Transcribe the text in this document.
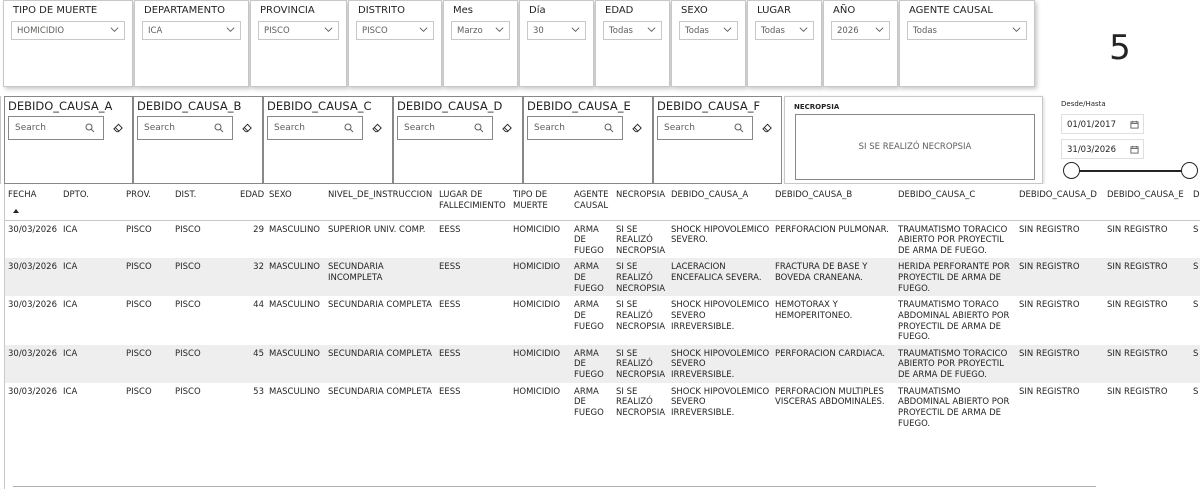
TIPO DE MUERTE
HOMICIDIO
DEPARTAMENTO
ICA
PROVINCIA
PISCO
DISTRITO
PISCO
Mes
Marzo
Día
30
EDAD
Todas
SEXO
Todas
LUGAR
Todas
AÑO
2026
AGENTE CAUSAL
Todas	5
DEBIDO_CAUSA_A
Search
DEBIDO_CAUSA_B
Search
DEBIDO_CAUSA_C
Search
DEBIDO_CAUSA_D
Search
DEBIDO_CAUSA_E
Search
DEBIDO_CAUSA_F
Search
NECROPSIA
SI SE REALIZÓ NECROPSIA
Desde/Hasta
01/01/2017
31/03/2026
FECHA	DPTO.	PROV.	DIST.	EDAD	SEXO	NIVEL_DE_INSTRUCCION	LUGAR DE FALLECIMIENTO	TIPO DE MUERTE	AGENTE CAUSAL	NECROPSIA	DEBIDO_CAUSA_A	DEBIDO_CAUSA_B	DEBIDO_CAUSA_C	DEBIDO_CAUSA_D	DEBIDO_CAUSA_E	D
30/03/2026	ICA	PISCO	PISCO	29	MASCULINO	SUPERIOR UNIV. COMP.	EESS	HOMICIDIO	ARMA DE FUEGO	SI SE REALIZÓ NECROPSIA	SHOCK HIPOVOLEMICO SEVERO.	PERFORACION PULMONAR.	TRAUMATISMO TORACICO ABIERTO POR PROYECTIL DE ARMA DE FUEGO.	SIN REGISTRO	SIN REGISTRO	S
30/03/2026	ICA	PISCO	PISCO	32	MASCULINO	SECUNDARIA INCOMPLETA	EESS	HOMICIDIO	ARMA DE FUEGO	SI SE REALIZÓ NECROPSIA	LACERACION ENCEFALICA SEVERA.	FRACTURA DE BASE Y BOVEDA CRANEANA.	HERIDA PERFORANTE POR PROYECTIL DE ARMA DE FUEGO.	SIN REGISTRO	SIN REGISTRO	S
30/03/2026	ICA	PISCO	PISCO	44	MASCULINO	SECUNDARIA COMPLETA	EESS	HOMICIDIO	ARMA DE FUEGO	SI SE REALIZÓ NECROPSIA	SHOCK HIPOVOLEMICO SEVERO IRREVERSIBLE.	HEMOTORAX Y HEMOPERITONEO.	TRAUMATISMO TORACO ABDOMINAL ABIERTO POR PROYECTIL DE ARMA DE FUEGO.	SIN REGISTRO	SIN REGISTRO	S
30/03/2026	ICA	PISCO	PISCO	45	MASCULINO	SECUNDARIA COMPLETA	EESS	HOMICIDIO	ARMA DE FUEGO	SI SE REALIZÓ NECROPSIA	SHOCK HIPOVOLEMICO SEVERO IRREVERSIBLE.	PERFORACION CARDIACA.	TRAUMATISMO TORACICO ABIERTO POR PROYECTIL DE ARMA DE FUEGO.	SIN REGISTRO	SIN REGISTRO	S
30/03/2026	ICA	PISCO	PISCO	53	MASCULINO	SECUNDARIA COMPLETA	EESS	HOMICIDIO	ARMA DE FUEGO	SI SE REALIZÓ NECROPSIA	SHOCK HIPOVOLEMICO SEVERO IRREVERSIBLE.	PERFORACION MULTIPLES VISCERAS ABDOMINALES.	TRAUMATISMO ABDOMINAL ABIERTO POR PROYECTIL DE ARMA DE FUEGO.	SIN REGISTRO	SIN REGISTRO	S
